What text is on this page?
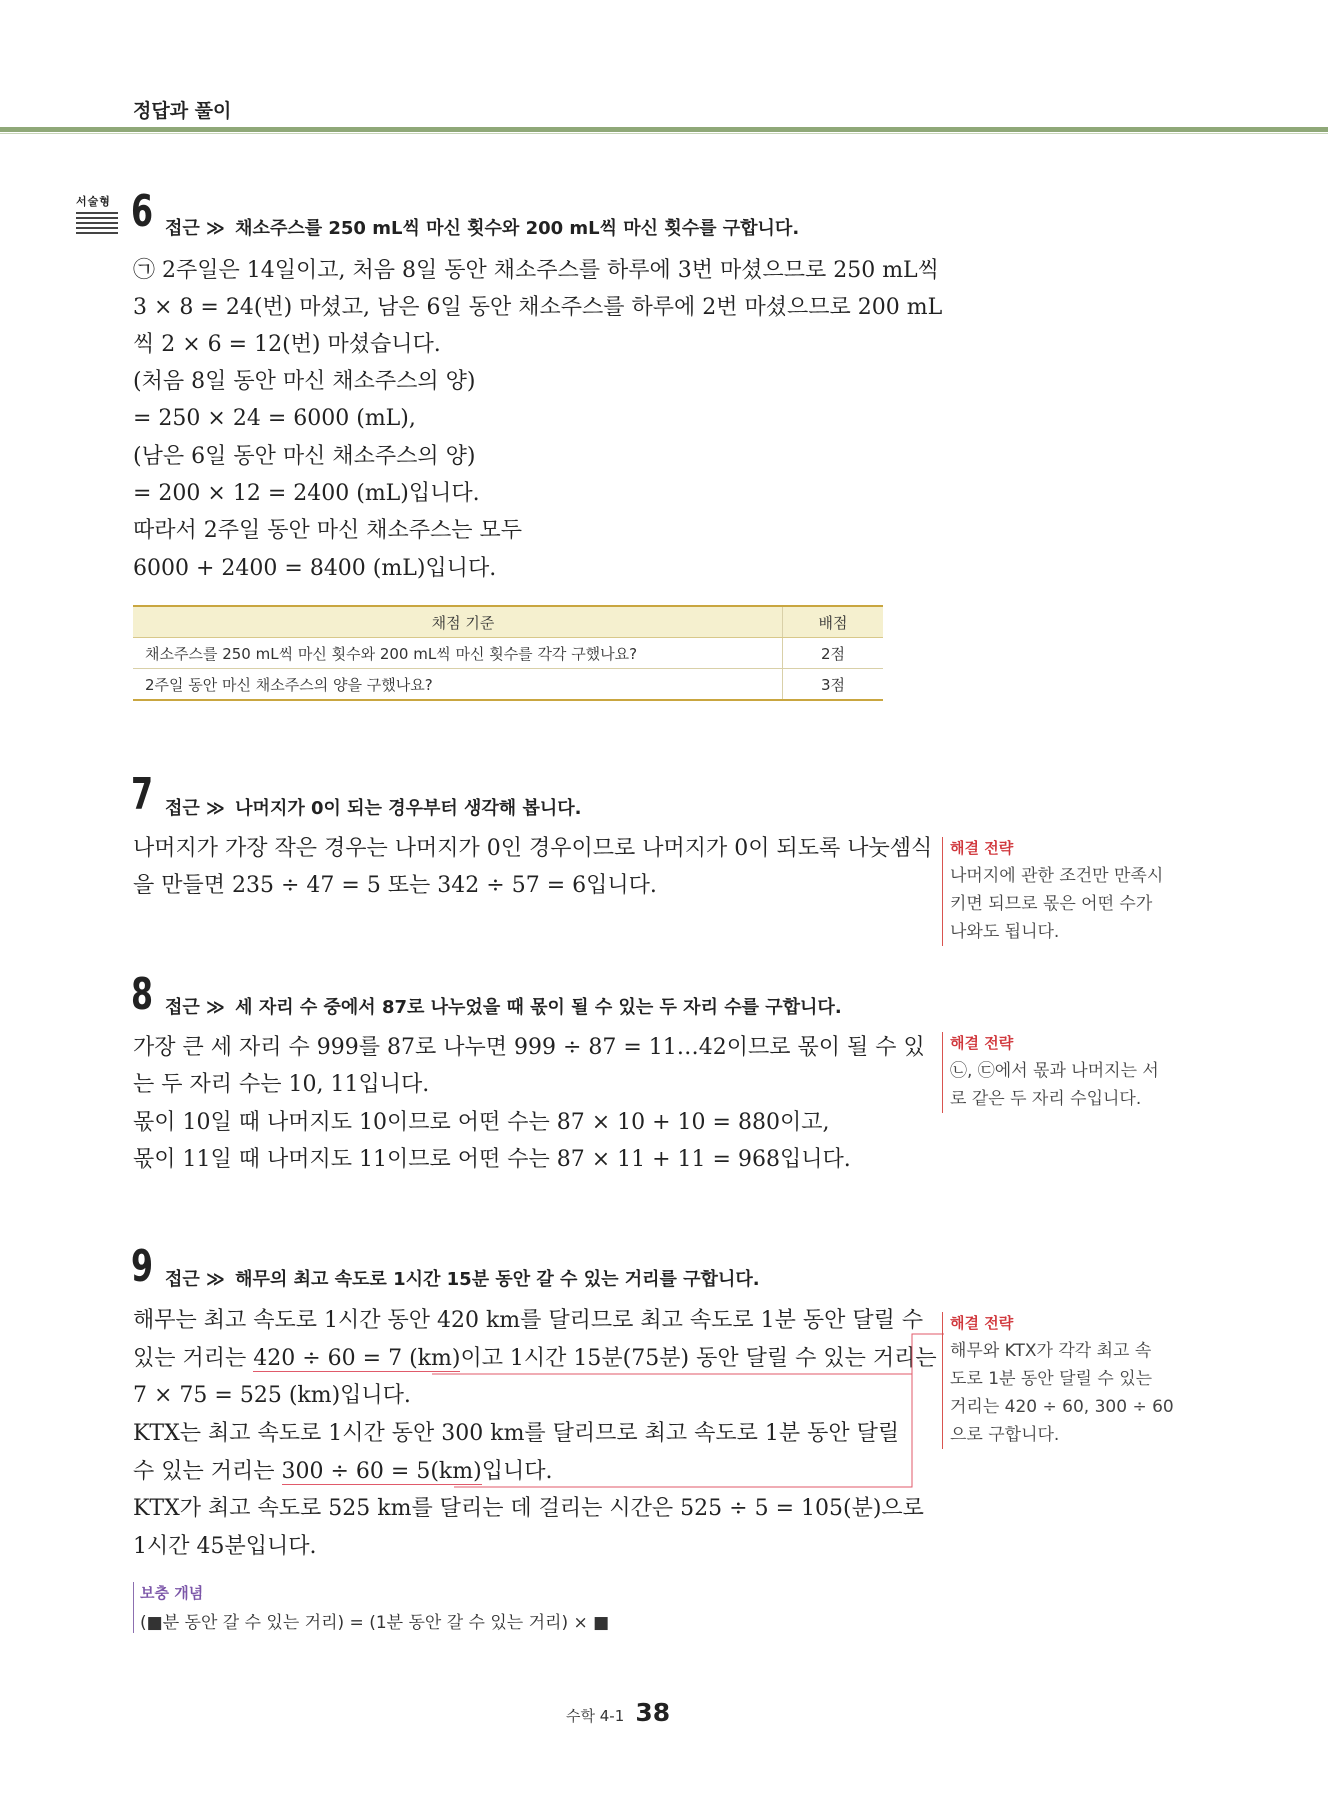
정답과 풀이
서술형 6 접근 ≫ 채소주스를 250 mL씩 마신 횟수와 200 mL씩 마신 횟수를 구합니다.
㉠ 2주일은 14일이고, 처음 8일 동안 채소주스를 하루에 3번 마셨으므로 250 mL씩
3 × 8 = 24(번) 마셨고, 남은 6일 동안 채소주스를 하루에 2번 마셨으므로 200 mL
씩 2 × 6 = 12(번) 마셨습니다.
(처음 8일 동안 마신 채소주스의 양)
= 250 × 24 = 6000 (mL),
(남은 6일 동안 마신 채소주스의 양)
= 200 × 12 = 2400 (mL)입니다.
따라서 2주일 동안 마신 채소주스는 모두
6000 + 2400 = 8400 (mL)입니다.
채점 기준	배점
채소주스를 250 mL씩 마신 횟수와 200 mL씩 마신 횟수를 각각 구했나요?	2점
2주일 동안 마신 채소주스의 양을 구했나요?	3점
7 접근 ≫ 나머지가 0이 되는 경우부터 생각해 봅니다.
나머지가 가장 작은 경우는 나머지가 0인 경우이므로 나머지가 0이 되도록 나눗셈식
을 만들면 235 ÷ 47 = 5 또는 342 ÷ 57 = 6입니다.
해결 전략
나머지에 관한 조건만 만족시
키면 되므로 몫은 어떤 수가
나와도 됩니다.
8 접근 ≫ 세 자리 수 중에서 87로 나누었을 때 몫이 될 수 있는 두 자리 수를 구합니다.
가장 큰 세 자리 수 999를 87로 나누면 999 ÷ 87 = 11…42이므로 몫이 될 수 있
는 두 자리 수는 10, 11입니다.
몫이 10일 때 나머지도 10이므로 어떤 수는 87 × 10 + 10 = 880이고,
몫이 11일 때 나머지도 11이므로 어떤 수는 87 × 11 + 11 = 968입니다.
해결 전략
㉡, ㉢에서 몫과 나머지는 서
로 같은 두 자리 수입니다.
9 접근 ≫ 해무의 최고 속도로 1시간 15분 동안 갈 수 있는 거리를 구합니다.
해무는 최고 속도로 1시간 동안 420 km를 달리므로 최고 속도로 1분 동안 달릴 수
있는 거리는 420 ÷ 60 = 7 (km)이고 1시간 15분(75분) 동안 달릴 수 있는 거리는
7 × 75 = 525 (km)입니다.
KTX는 최고 속도로 1시간 동안 300 km를 달리므로 최고 속도로 1분 동안 달릴
수 있는 거리는 300 ÷ 60 = 5(km)입니다.
KTX가 최고 속도로 525 km를 달리는 데 걸리는 시간은 525 ÷ 5 = 105(분)으로
1시간 45분입니다.
해결 전략
해무와 KTX가 각각 최고 속
도로 1분 동안 달릴 수 있는
거리는 420 ÷ 60, 300 ÷ 60
으로 구합니다.
보충 개념
(■분 동안 갈 수 있는 거리) = (1분 동안 갈 수 있는 거리) × ■
수학 4-1 38
